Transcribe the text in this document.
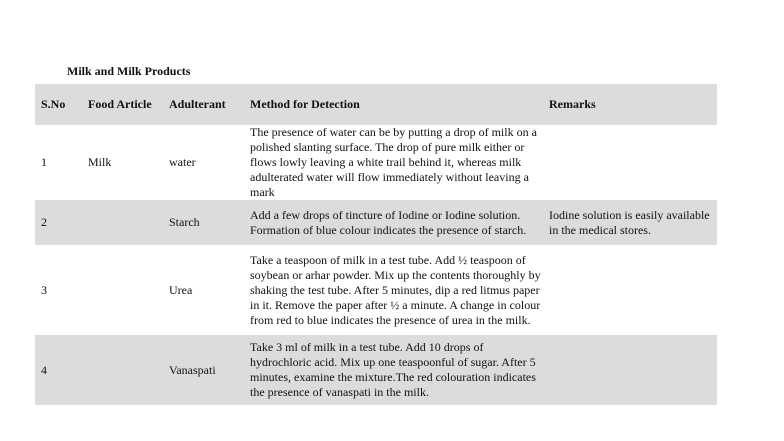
Milk and Milk Products
S.No	Food Article	Adulterant	Method for Detection	Remarks
1	Milk	water	The presence of water can be by putting a drop of milk on a polished slanting surface. The drop of pure milk either or flows lowly leaving a white trail behind it, whereas milk adulterated water will flow immediately without leaving a mark	
2		Starch	Add a few drops of tincture of Iodine or Iodine solution. Formation of blue colour indicates the presence of starch.	Iodine solution is easily available in the medical stores.
3		Urea	Take a teaspoon of milk in a test tube. Add ½ teaspoon of soybean or arhar powder. Mix up the contents thoroughly by shaking the test tube. After 5 minutes, dip a red litmus paper in it. Remove the paper after ½ a minute. A change in colour from red to blue indicates the presence of urea in the milk.	
4		Vanaspati	Take 3 ml of milk in a test tube. Add 10 drops of hydrochloric acid. Mix up one teaspoonful of sugar. After 5 minutes, examine the mixture.The red colouration indicates the presence of vanaspati in the milk.	
